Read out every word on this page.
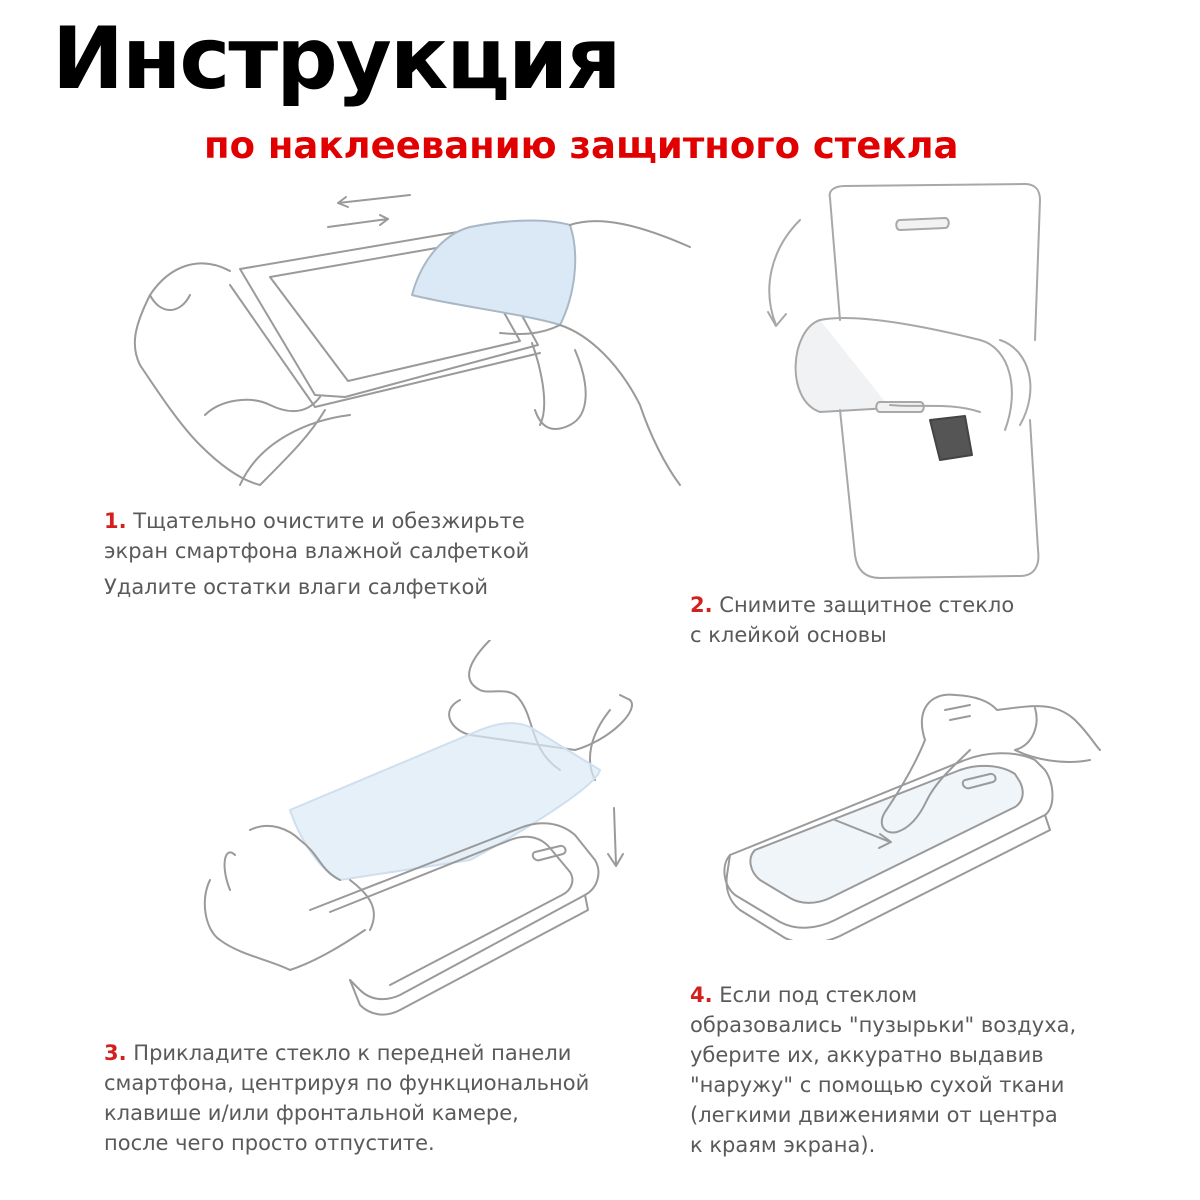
Инструкция
по наклееванию защитного стекла
1. Тщательно очистите и обезжирьте
экран смартфона влажной салфеткой
Удалите остатки влаги салфеткой
2. Снимите защитное стекло
с клейкой основы
3. Приклaдите стекло к передней панели
смартфона, центрируя по функциональной
клавише и/или фронтальной камере,
после чего просто отпустите.
4. Если под стеклом
образовались "пузырьки" воздуха,
уберите их, аккуратно выдавив
"наружу" с помощью сухой ткани
(легкими движениями от центра
к краям экрана).
